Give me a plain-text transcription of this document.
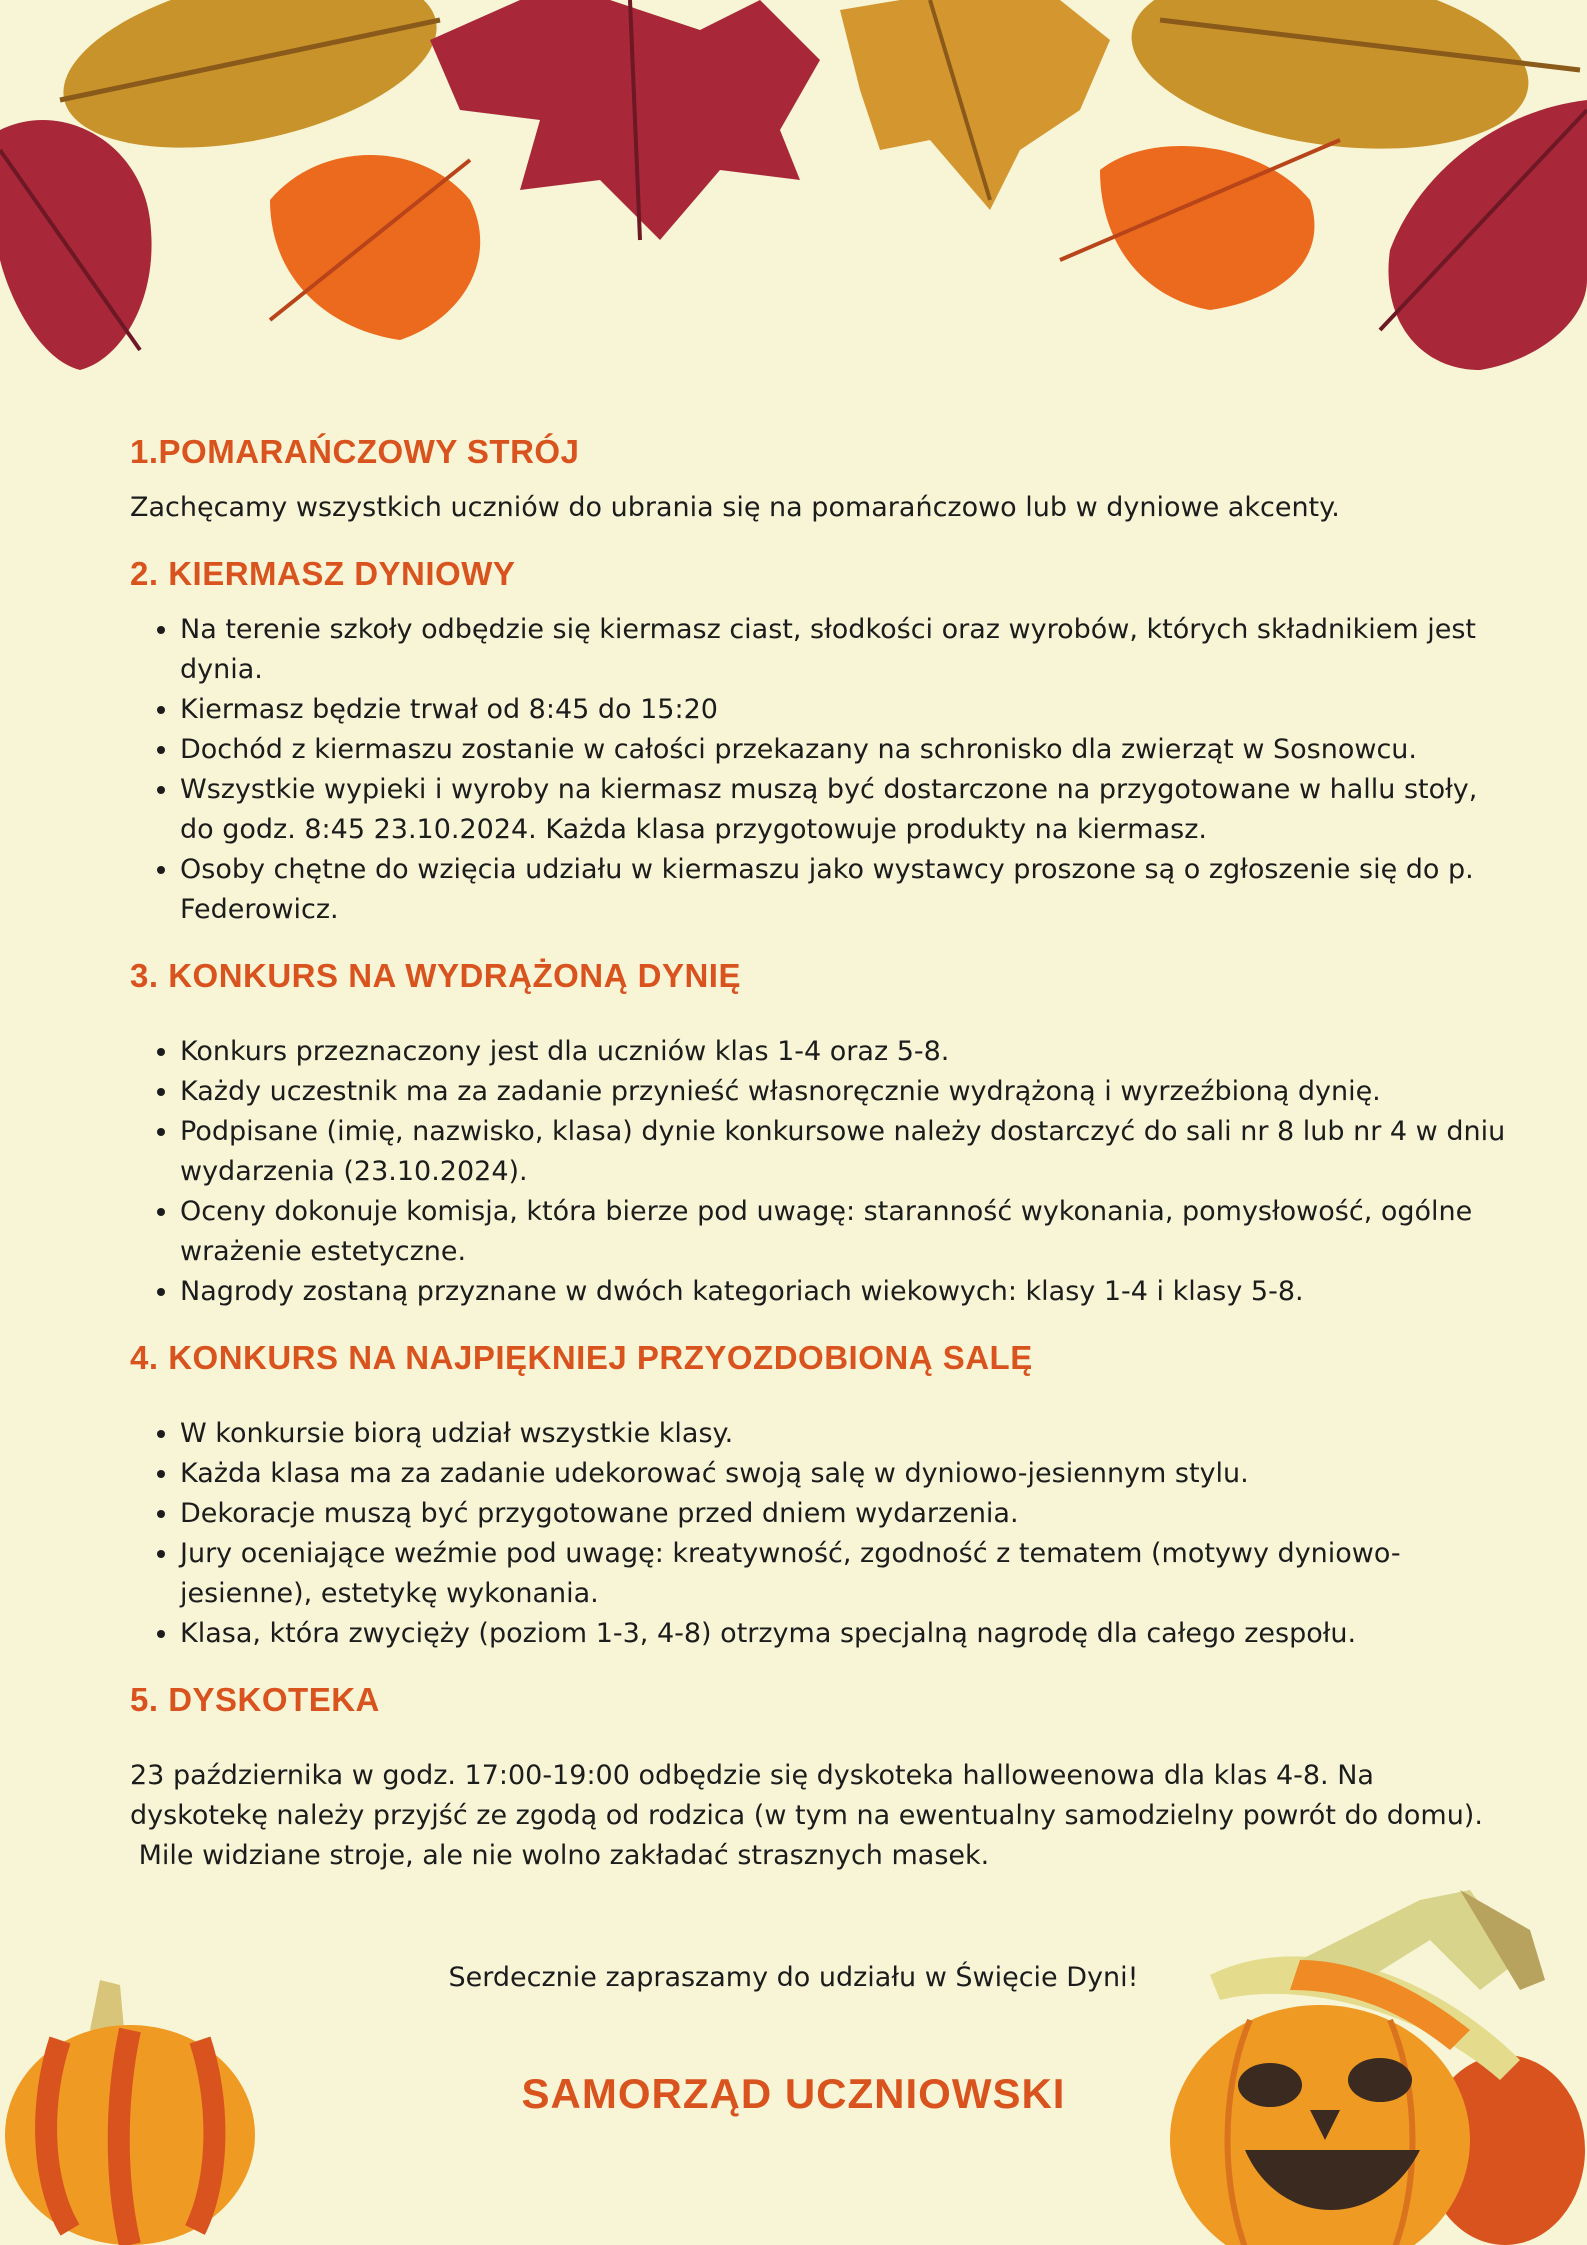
1.POMARAŃCZOWY STRÓJ

Zachęcamy wszystkich uczniów do ubrania się na pomarańczowo lub w dyniowe akcenty.

2. KIERMASZ DYNIOWY
• Na terenie szkoły odbędzie się kiermasz ciast, słodkości oraz wyrobów, których składnikiem jest dynia.
• Kiermasz będzie trwał od 8:45 do 15:20
• Dochód z kiermaszu zostanie w całości przekazany na schronisko dla zwierząt w Sosnowcu.
• Wszystkie wypieki i wyroby na kiermasz muszą być dostarczone na przygotowane w hallu stoły, do godz. 8:45 23.10.2024. Każda klasa przygotowuje produkty na kiermasz.
• Osoby chętne do wzięcia udziału w kiermaszu jako wystawcy proszone są o zgłoszenie się do p. Federowicz.
3. KONKURS NA WYDRĄŻONĄ DYNIĘ
• Konkurs przeznaczony jest dla uczniów klas 1-4 oraz 5-8.
• Każdy uczestnik ma za zadanie przynieść własnoręcznie wydrążoną i wyrzeźbioną dynię.
• Podpisane (imię, nazwisko, klasa) dynie konkursowe należy dostarczyć do sali nr 8 lub nr 4 w dniu wydarzenia (23.10.2024).
• Oceny dokonuje komisja, która bierze pod uwagę: staranność wykonania, pomysłowość, ogólne wrażenie estetyczne.
• Nagrody zostaną przyznane w dwóch kategoriach wiekowych: klasy 1-4 i klasy 5-8.
4. KONKURS NA NAJPIĘKNIEJ PRZYOZDOBIONĄ SALĘ
• W konkursie biorą udział wszystkie klasy.
• Każda klasa ma za zadanie udekorować swoją salę w dyniowo-jesiennym stylu.
• Dekoracje muszą być przygotowane przed dniem wydarzenia.
• Jury oceniające weźmie pod uwagę: kreatywność, zgodność z tematem (motywy dyniowo-jesienne), estetykę wykonania.
• Klasa, która zwycięży (poziom 1-3, 4-8) otrzyma specjalną nagrodę dla całego zespołu.
5. DYSKOTEKA

23 października w godz. 17:00-19:00 odbędzie się dyskoteka halloweenowa dla klas 4-8. Na dyskotekę należy przyjść ze zgodą od rodzica (w tym na ewentualny samodzielny powrót do domu).

Mile widziane stroje, ale nie wolno zakładać strasznych masek.

Serdecznie zapraszamy do udziału w Święcie Dyni!
SAMORZĄD UCZNIOWSKI
